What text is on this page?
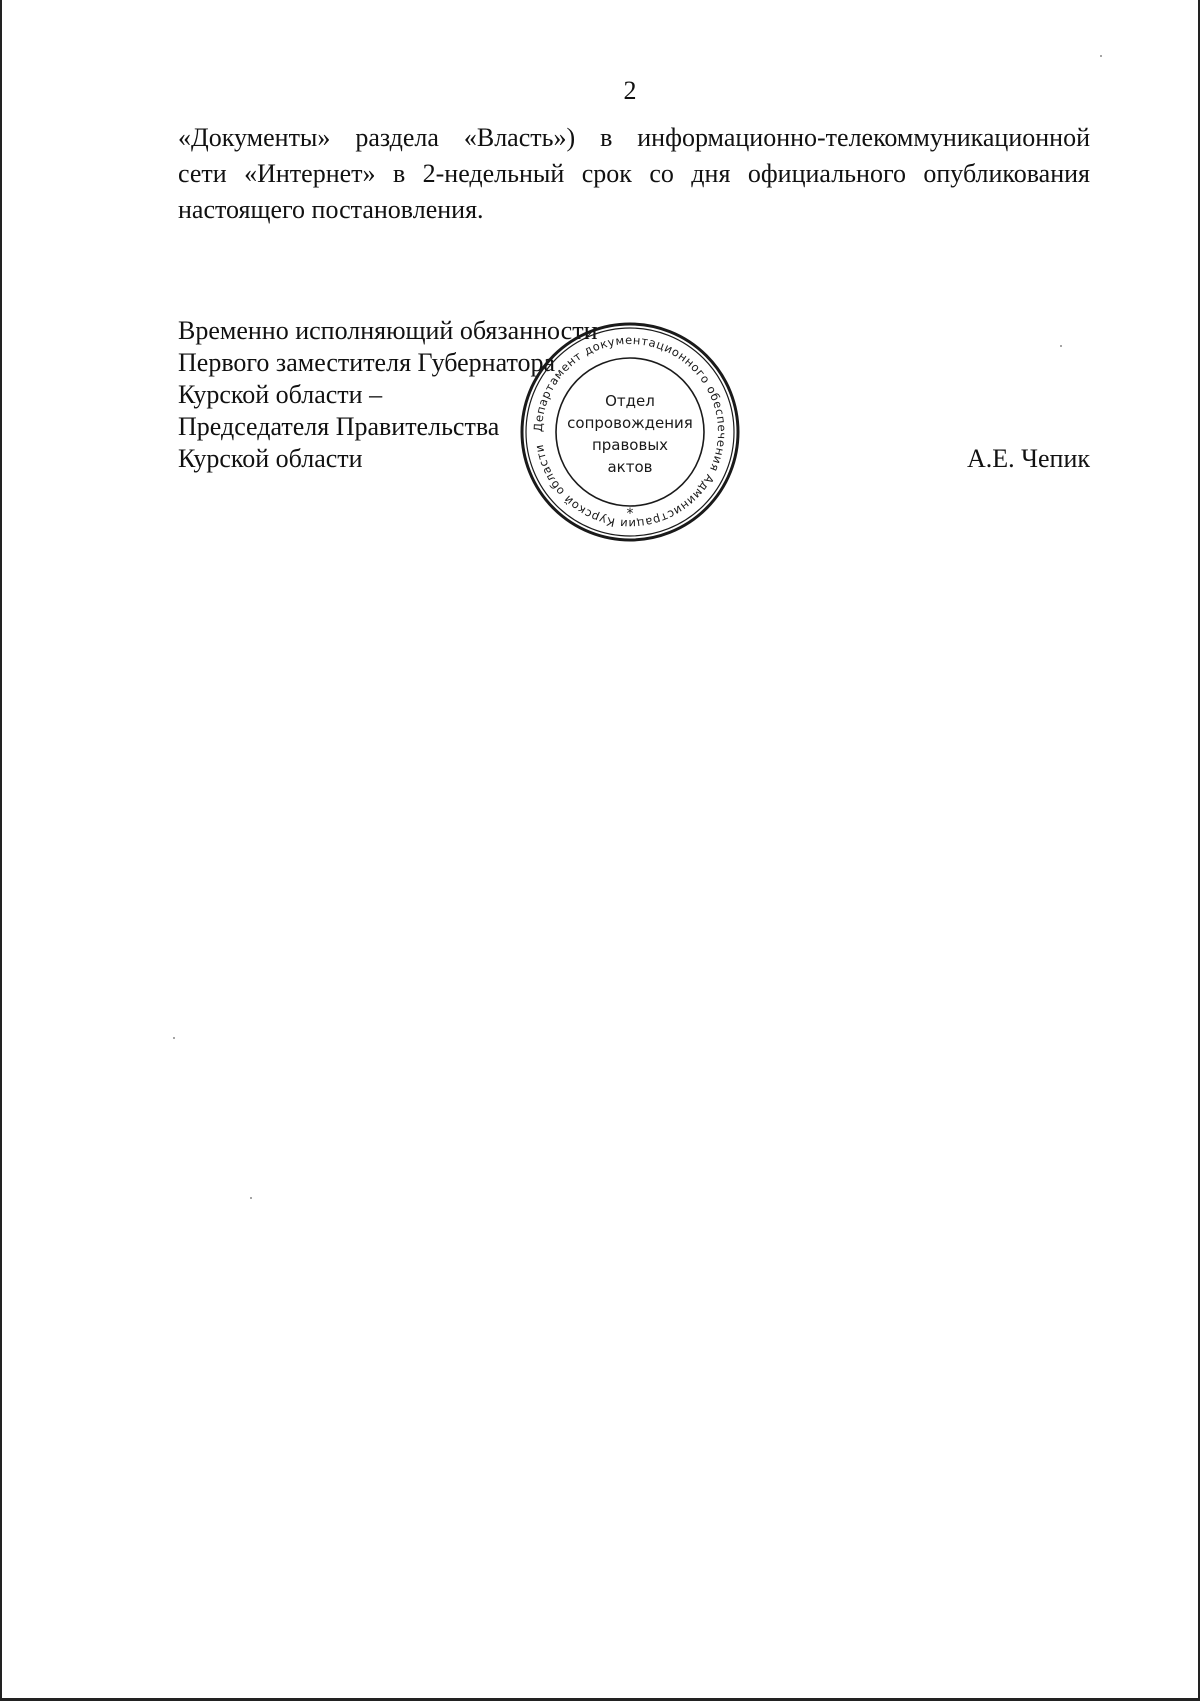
2

«Документы» раздела «Власть») в информационно-телекоммуникационной
сети «Интернет» в 2-недельный срок со дня официального опубликования
настоящего постановления.

Временно исполняющий обязанности
Первого заместителя Губернатора
Курской области –
Председателя Правительства
Курской области	А.Е. Чепик
Департамент документационного обеспечения Администрации Курской области
*
Отдел
сопровождения
правовых
актов
